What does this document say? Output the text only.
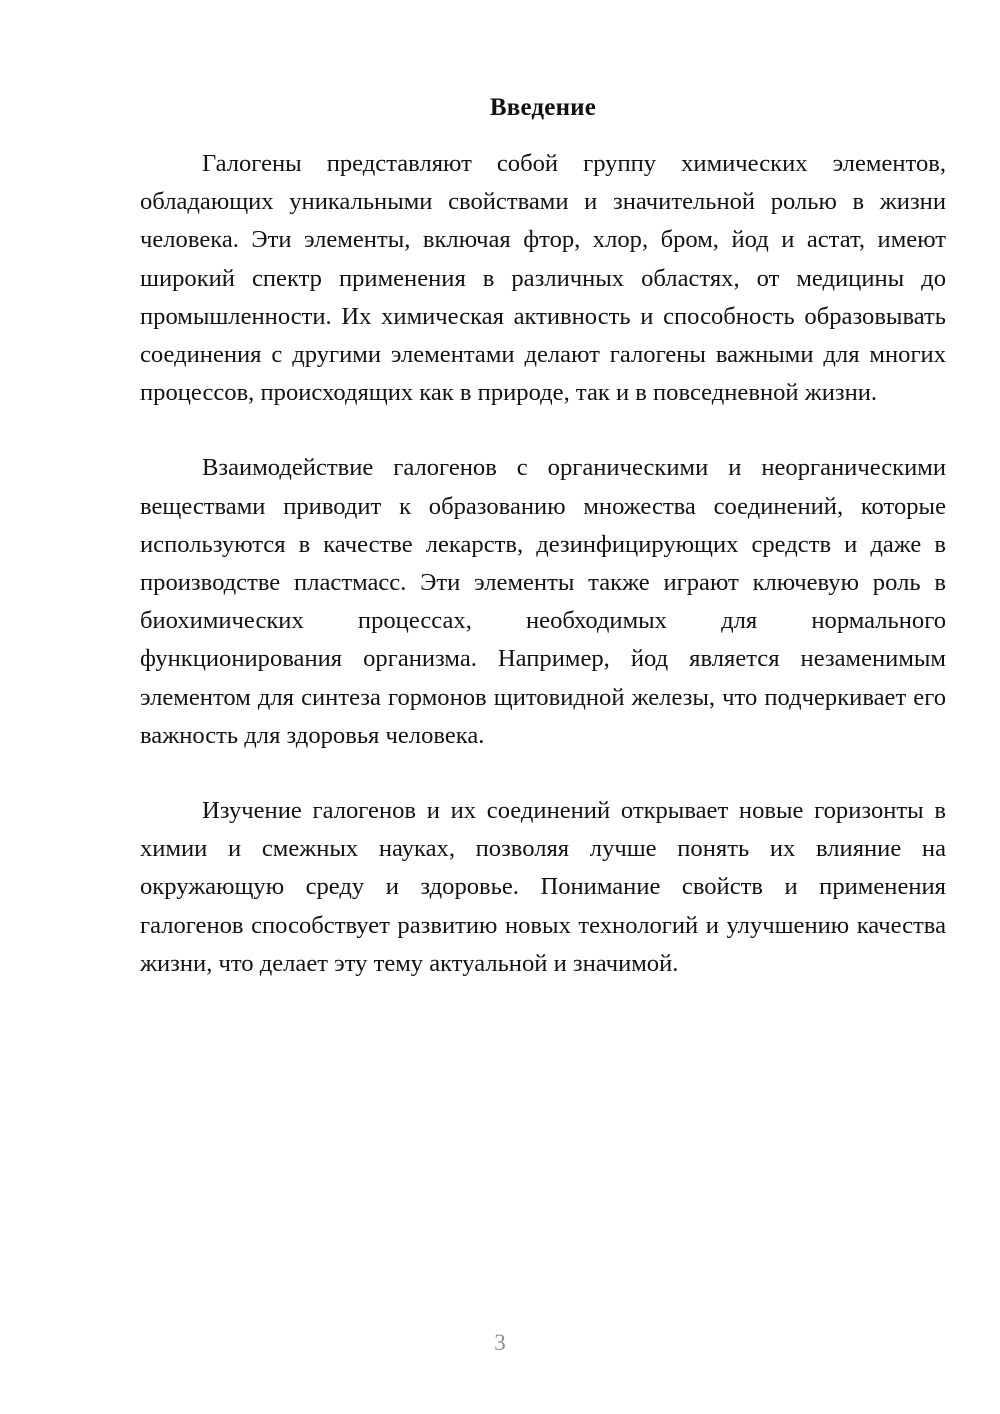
Введение

Галогены представляют собой группу химических элементов, обладающих уникальными свойствами и значительной ролью в жизни человека. Эти элементы, включая фтор, хлор, бром, йод и астат, имеют широкий спектр применения в различных областях, от медицины до промышленности. Их химическая активность и способность образовывать соединения с другими элементами делают галогены важными для многих процессов, происходящих как в природе, так и в повседневной жизни.

Взаимодействие галогенов с органическими и неорганическими веществами приводит к образованию множества соединений, которые используются в качестве лекарств, дезинфицирующих средств и даже в производстве пластмасс. Эти элементы также играют ключевую роль в биохимических процессах, необходимых для нормального функционирования организма. Например, йод является незаменимым элементом для синтеза гормонов щитовидной железы, что подчеркивает его важность для здоровья человека.

Изучение галогенов и их соединений открывает новые горизонты в химии и смежных науках, позволяя лучше понять их влияние на окружающую среду и здоровье. Понимание свойств и применения галогенов способствует развитию новых технологий и улучшению качества жизни, что делает эту тему актуальной и значимой.

3
